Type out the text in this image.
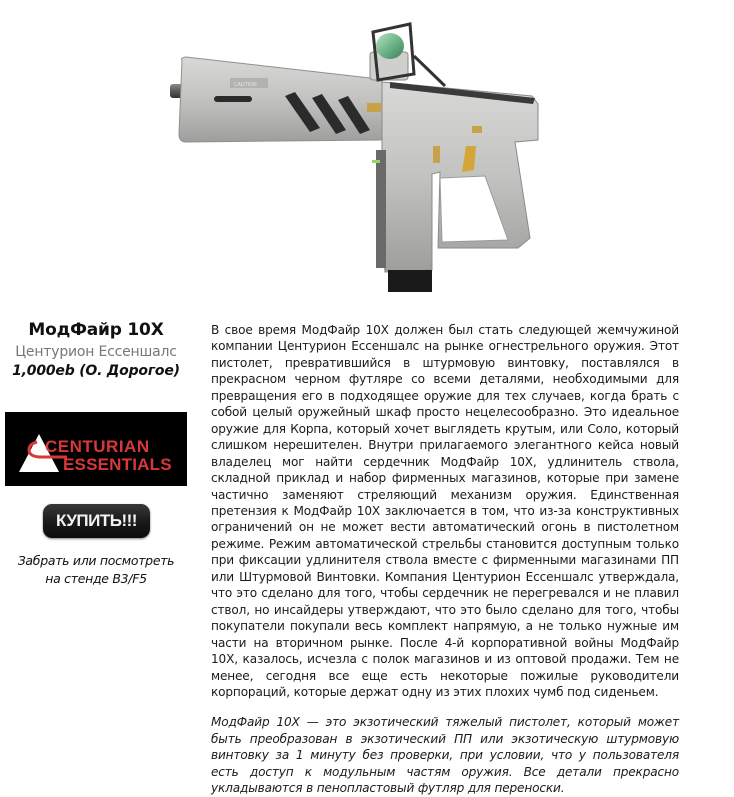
CAUTION
МодФайр 10X
Центурион Ессеншалс
1,000eb (О. Дорогое)
CENTURIAN
ESSENTIALS
КУПИТЬ!!!
Забрать или посмотреть
на стенде B3/F5

В свое время МодФайр 10X должен был стать следующей жемчужиной компании Центурион Ессеншалс на рынке огнестрельного оружия. Этот пистолет, превратившийся в штурмовую винтовку, поставлялся в прекрасном черном футляре со всеми деталями, необходимыми для превращения его в подходящее оружие для тех случаев, когда брать с собой целый оружейный шкаф просто нецелесообразно. Это идеальное оружие для Корпа, который хочет выглядеть крутым, или Соло, который слишком нерешителен. Внутри прилагаемого элегантного кейса новый владелец мог найти сердечник МодФайр 10X, удлинитель ствола, складной приклад и набор фирменных магазинов, которые при замене частично заменяют стреляющий механизм оружия. Единственная претензия к МодФайр 10X заключается в том, что из-за конструктивных ограничений он не может вести автоматический огонь в пистолетном режиме. Режим автоматической стрельбы становится доступным только при фиксации удлинителя ствола вместе с фирменными магазинами ПП или Штурмовой Винтовки. Компания Центурион Ессеншалс утверждала, что это сделано для того, чтобы сердечник не перегревался и не плавил ствол, но инсайдеры утверждают, что это было сделано для того, чтобы покупатели покупали весь комплект напрямую, а не только нужные им части на вторичном рынке. После 4-й корпоративной войны МодФайр 10X, казалось, исчезла с полок магазинов и из оптовой продажи. Тем не менее, сегодня все еще есть некоторые пожилые руководители корпораций, которые держат одну из этих плохих чумб под сиденьем.

МодФайр 10X — это экзотический тяжелый пистолет, который может быть преобразован в экзотический ПП или экзотическую штурмовую винтовку за 1 минуту без проверки, при условии, что у пользователя есть доступ к модульным частям оружия. Все детали прекрасно укладываются в пенопластовый футляр для переноски.
